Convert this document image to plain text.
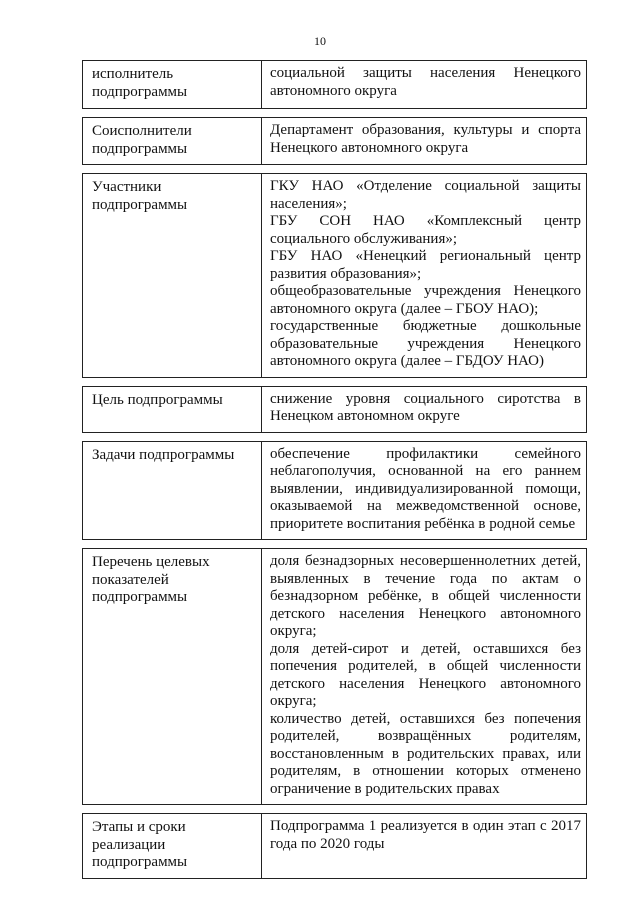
10
исполнитель подпрограммы	социальной защиты населения Ненецкого автономного округа

Соисполнители подпрограммы	Департамент образования, культуры и спорта Ненецкого автономного округа

Участники подпрограммы	ГКУ НАО «Отделение социальной защиты населения»;
ГБУ СОН НАО «Комплексный центр социального обслуживания»;
ГБУ НАО «Ненецкий региональный центр развития образования»;
общеобразовательные учреждения Ненецкого автономного округа (далее – ГБОУ НАО);
государственные бюджетные дошкольные образовательные учреждения Ненецкого автономного округа (далее – ГБДОУ НАО)

Цель подпрограммы	снижение уровня социального сиротства в Ненецком автономном округе

Задачи подпрограммы	обеспечение профилактики семейного неблагополучия, основанной на его раннем выявлении, индивидуализированной помощи, оказываемой на межведомственной основе, приоритете воспитания ребёнка в родной семье

Перечень целевых показателей подпрограммы	доля безнадзорных несовершеннолетних детей, выявленных в течение года по актам о безнадзорном ребёнке, в общей численности детского населения Ненецкого автономного округа;
доля детей-сирот и детей, оставшихся без попечения родителей, в общей численности детского населения Ненецкого автономного округа;
количество детей, оставшихся без попечения родителей, возвращённых родителям, восстановленным в родительских правах, или родителям, в отношении которых отменено ограничение в родительских правах

Этапы и сроки реализации подпрограммы	Подпрограмма 1 реализуется в один этап с 2017 года по 2020 годы
